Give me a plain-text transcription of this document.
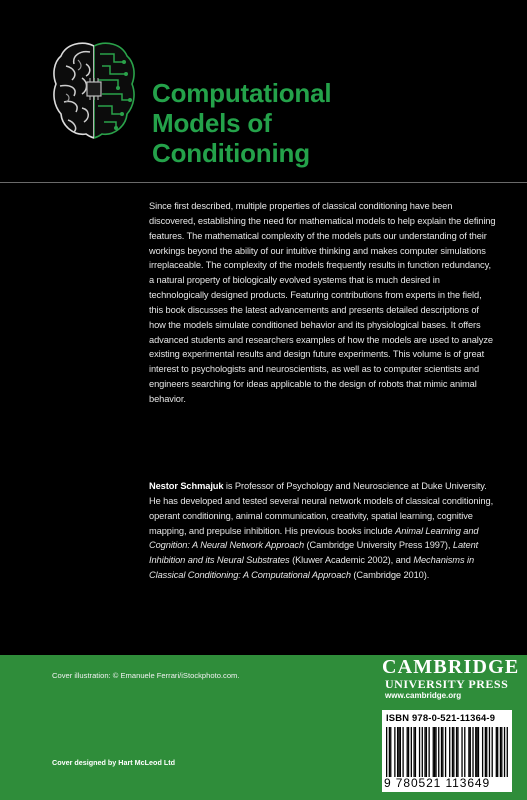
Computational
Models of
Conditioning
Since first described, multiple properties of classical conditioning have been discovered, establishing the need for mathematical models to help explain the defining features. The mathematical complexity of the models puts our understanding of their workings beyond the ability of our intuitive thinking and makes computer simulations irreplaceable. The complexity of the models frequently results in function redundancy, a natural property of biologically evolved systems that is much desired in technologically designed products. Featuring contributions from experts in the field, this book discusses the latest advancements and presents detailed descriptions of how the models simulate conditioned behavior and its physiological bases. It offers advanced students and researchers examples of how the models are used to analyze existing experimental results and design future experiments. This volume is of great interest to psychologists and neuroscientists, as well as to computer scientists and engineers searching for ideas applicable to the design of robots that mimic animal behavior.
Nestor Schmajuk is Professor of Psychology and Neuroscience at Duke University. He has developed and tested several neural network models of classical conditioning, operant conditioning, animal communication, creativity, spatial learning, cognitive mapping, and prepulse inhibition. His previous books include Animal Learning and Cognition: A Neural Network Approach (Cambridge University Press 1997), Latent Inhibition and its Neural Substrates (Kluwer Academic 2002), and Mechanisms in Classical Conditioning: A Computational Approach (Cambridge 2010).
Cover illustration: © Emanuele Ferrari/iStockphoto.com.	CAMBRIDGE
UNIVERSITY PRESS
www.cambridge.org
ISBN 978-0-521-11364-9
9 780521 113649
Cover designed by Hart McLeod Ltd
